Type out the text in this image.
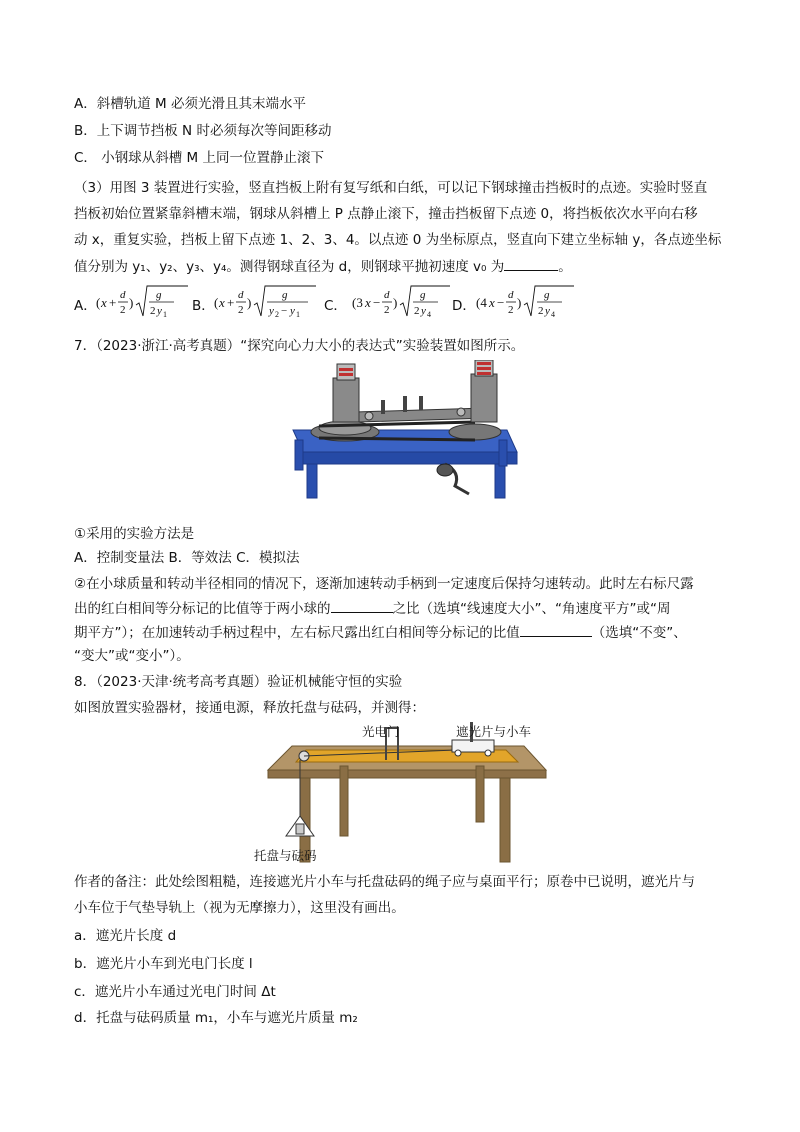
A．斜槽轨道 M 必须光滑且其末端水平
B．上下调节挡板 N 时必须每次等间距移动
C． 小钢球从斜槽 M 上同一位置静止滚下
（3）用图 3 装置进行实验，竖直挡板上附有复写纸和白纸，可以记下钢球撞击挡板时的点迹。实验时竖直
挡板初始位置紧靠斜槽末端，钢球从斜槽上 P 点静止滚下，撞击挡板留下点迹 0，将挡板依次水平向右移
动 x，重复实验，挡板上留下点迹 1、2、3、4。以点迹 0 为坐标原点，竖直向下建立坐标轴 y，各点迹坐标
值分别为 y₁、y₂、y₃、y₄。测得钢球直径为 d，则钢球平抛初速度 v₀ 为	。
A． ( x + d
2 ) g
2 y 1
B． ( x + d
2 )	g
y 2 − y 1
C． (3 x − d
2 ) g
2 y 4
D． (4 x − d
2 ) g
2 y 4
7．（2023·浙江·高考真题）“探究向心力大小的表达式”实验装置如图所示。
①采用的实验方法是
A．控制变量法 B．等效法 C．模拟法
②在小球质量和转动半径相同的情况下，逐渐加速转动手柄到一定速度后保持匀速转动。此时左右标尺露
出的红白相间等分标记的比值等于两小球的	之比（选填“线速度大小”、“角速度平方”或“周
期平方”）；在加速转动手柄过程中，左右标尺露出红白相间等分标记的比值	（选填“不变”、
“变大”或“变小”）。
8．（2023·天津·统考高考真题）验证机械能守恒的实验
如图放置实验器材，接通电源，释放托盘与砝码，并测得：
光电门	遮光片与小车
托盘与砝码
作者的备注：此处绘图粗糙，连接遮光片小车与托盘砝码的绳子应与桌面平行；原卷中已说明，遮光片与
小车位于气垫导轨上（视为无摩擦力），这里没有画出。
a．遮光片长度 d
b．遮光片小车到光电门长度 l
c．遮光片小车通过光电门时间 Δt
d．托盘与砝码质量 m₁，小车与遮光片质量 m₂
